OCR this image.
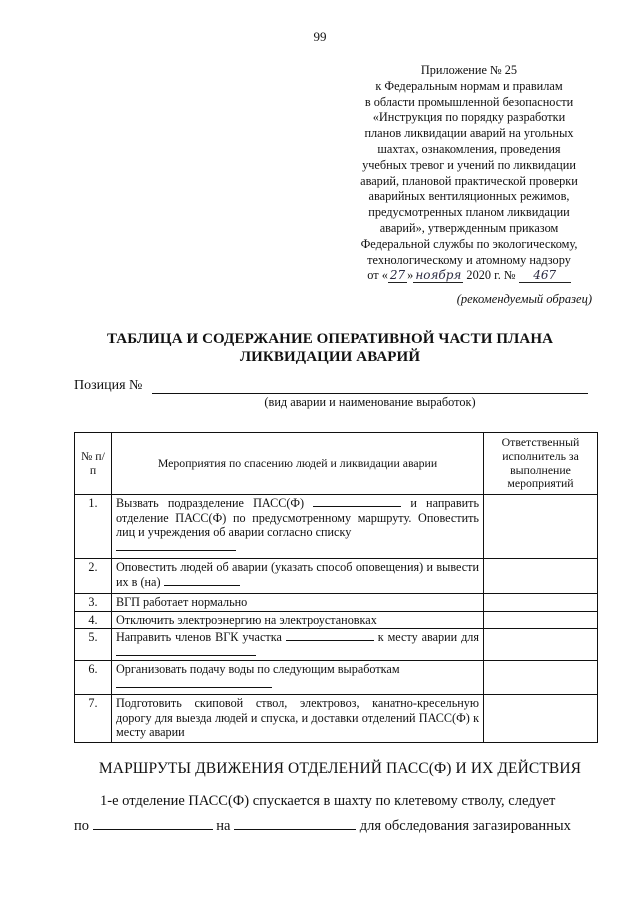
99
Приложение № 25
к Федеральным нормам и правилам
в области промышленной безопасности
«Инструкция по порядку разработки
планов ликвидации аварий на угольных
шахтах, ознакомления, проведения
учебных тревог и учений по ликвидации
аварий, плановой практической проверки
аварийных вентиляционных режимов,
предусмотренных планом ликвидации
аварий», утвержденным приказом
Федеральной службы по экологическому,
технологическому и атомному надзору
от « 27 » ноября 2020 г. № 467
(рекомендуемый образец)
ТАБЛИЦА И СОДЕРЖАНИЕ ОПЕРАТИВНОЙ ЧАСТИ ПЛАНА
ЛИКВИДАЦИИ АВАРИЙ
Позиция №
(вид аварии и наименование выработок)
№ п/п	Мероприятия по спасению людей и ликвидации аварии	Ответственный исполнитель за выполнение мероприятий
1.	Вызвать подразделение ПАСС(Ф) и направить отделение ПАСС(Ф) по предусмотренному маршруту. Оповестить лиц и учреждения об аварии согласно списку

2.	Оповестить людей об аварии (указать способ оповещения) и вывести их в (на)	
3.	ВГП работает нормально	
4.	Отключить электроэнергию на электроустановках	
5.	Направить членов ВГК участка к месту аварии для	
6.	Организовать подачу воды по следующим выработкам

7.	Подготовить скиповой ствол, электровоз, канатно-кресельную дорогу для выезда людей и спуска, и доставки отделений ПАСС(Ф) к месту аварии	
МАРШРУТЫ ДВИЖЕНИЯ ОТДЕЛЕНИЙ ПАСС(Ф) И ИХ ДЕЙСТВИЯ
1-е отделение ПАСС(Ф) спускается в шахту по клетевому стволу, следует
по	на	для обследования загазированных
